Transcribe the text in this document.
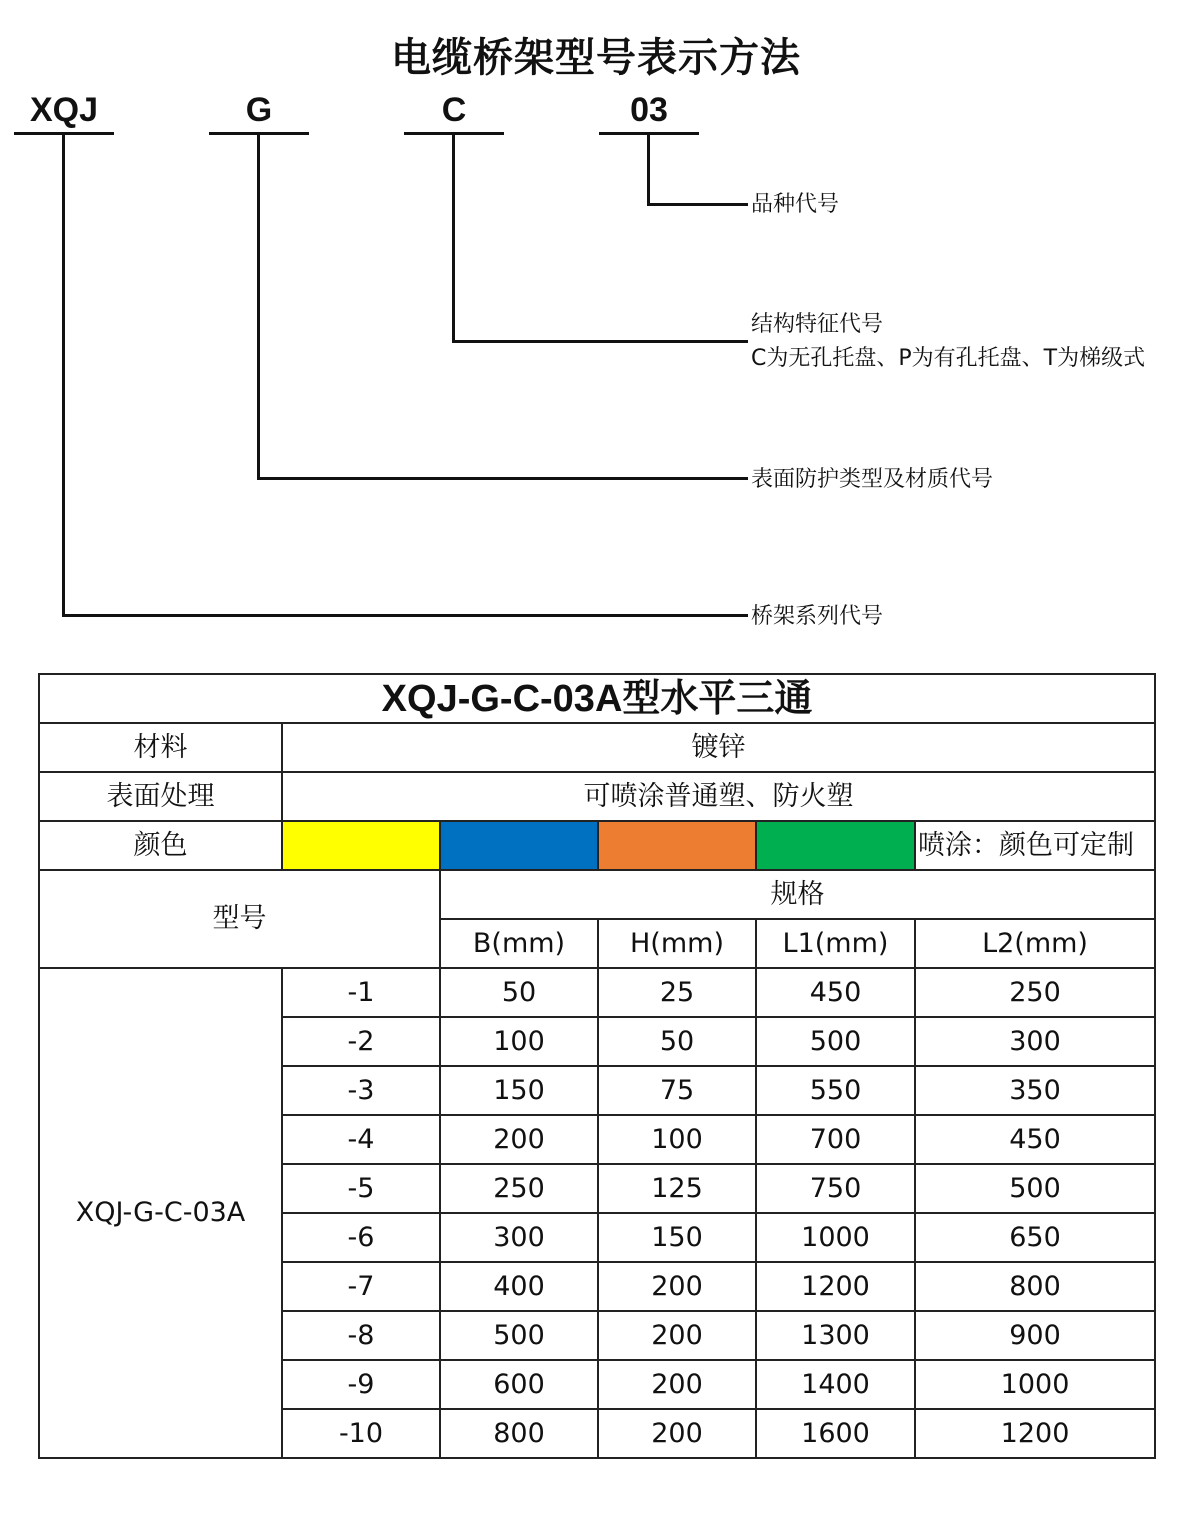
电缆桥架型号表示方法
XQJ	G	C	03
品种代号
结构特征代号
C为无孔托盘、P为有孔托盘、T为梯级式
表面防护类型及材质代号
桥架系列代号
XQJ-G-C-03A型水平三通					
材料	镀锌				
表面处理	可喷涂普通塑、防火塑				
颜色					喷涂：颜色可定制
型号		规格			
		B(mm)	H(mm)	L1(mm)	L2(mm)
XQJ-G-C-03A	-1	50	25	450	250
	-2	100	50	500	300
	-3	150	75	550	350
	-4	200	100	700	450
	-5	250	125	750	500
	-6	300	150	1000	650
	-7	400	200	1200	800
	-8	500	200	1300	900
	-9	600	200	1400	1000
	-10	800	200	1600	1200
